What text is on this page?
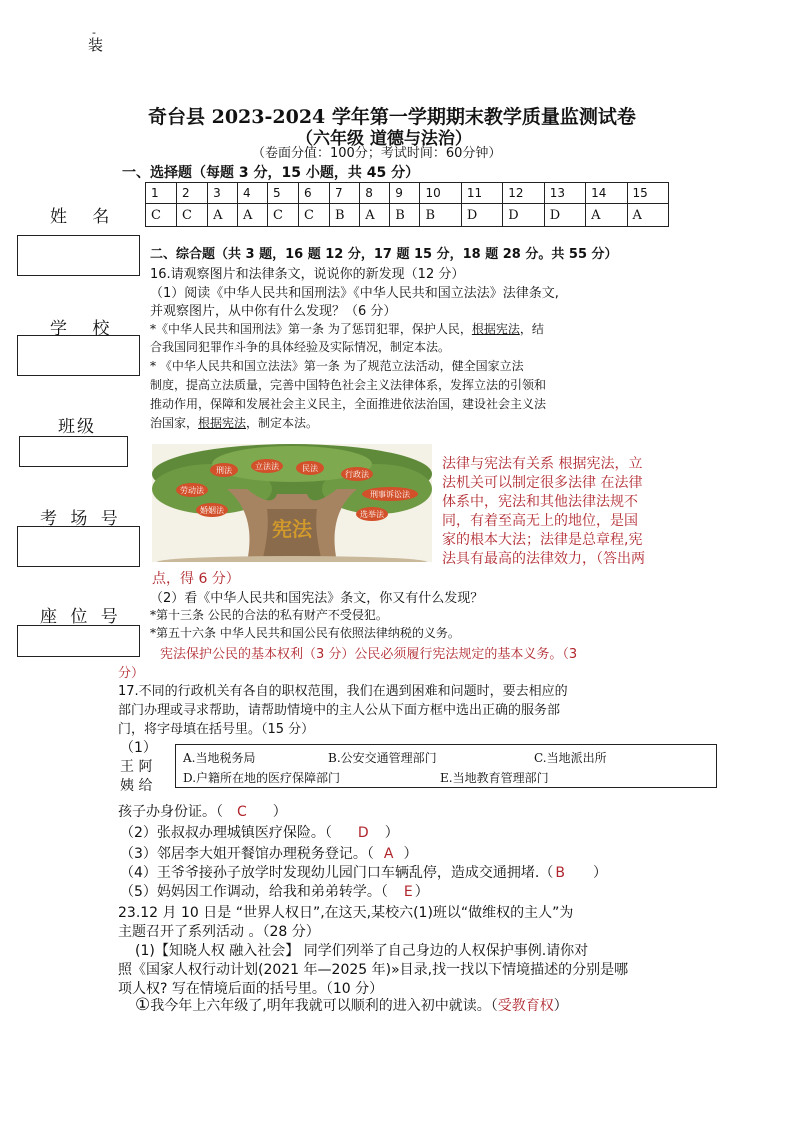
-
装
奇台县 2023-2024 学年第一学期期末教学质量监测试卷
（六年级 道德与法治）
（卷面分值：100分；考试时间：60分钟）
姓 名
学 校
班级
考 场 号
座 位 号
一、选择题（每题 3 分，15 小题，共 45 分）
1	2	3	4	5	6	7	8	9	10	11	12	13	14	15
C	C	A	A	C	C	B	A	B	B	D	D	D	A	A
二、综合题（共 3 题，16 题 12 分，17 题 15 分，18 题 28 分。共 55 分）
16.请观察图片和法律条文，说说你的新发现（12 分）
（1）阅读《中华人民共和国刑法》《中华人民共和国立法法》法律条文,
并观察图片，从中你有什么发现？（6 分）
*《中华人民共和国刑法》第一条 为了惩罚犯罪，保护人民，根据宪法，结
合我国同犯罪作斗争的具体经验及实际情况，制定本法。
* 《中华人民共和国立法法》第一条 为了规范立法活动，健全国家立法
制度，提高立法质量，完善中国特色社会主义法律体系，发挥立法的引领和
推动作用，保障和发展社会主义民主，全面推进依法治国，建设社会主义法
治国家，根据宪法，制定本法。
宪法
立法法
刑法	民法
行政法
劳动法	刑事诉讼法
婚姻法	选举法
法律与宪法有关系 根据宪法，立
法机关可以制定很多法律 在法律
体系中，宪法和其他法律法规不
同，有着至高无上的地位，是国
家的根本大法；法律是总章程,宪
法具有最高的法律效力，（答出两
点，得 6 分）
（2）看《中华人民共和国宪法》条文，你又有什么发现？
*第十三条 公民的合法的私有财产不受侵犯。
*第五十六条 中华人民共和国公民有依照法律纳税的义务。
宪法保护公民的基本权利（3 分）公民必须履行宪法规定的基本义务。（3
分）
17.不同的行政机关有各自的职权范围，我们在遇到困难和问题时，要去相应的
部门办理或寻求帮助，请帮助情境中的主人公从下面方框中选出正确的服务部
门，将字母填在括号里。（15 分）
（1）
王 阿
姨 给
A.当地税务局	B.公安交通管理部门	C.当地派出所
D.户籍所在地的医疗保障部门	E.当地教育管理部门
孩子办身份证。（ C ）
（2）张叔叔办理城镇医疗保险。（ D ）
（3）邻居李大姐开餐馆办理税务登记。（ A ）
（4）王爷爷接孙子放学时发现幼儿园门口车辆乱停，造成交通拥堵.（ B ）
（5）妈妈因工作调动，给我和弟弟转学。（ E ）
23.12 月 10 日是 “世界人权日”,在这天,某校六(1)班以“做维权的主人”为
主题召开了系列活动 。（28 分）
(1)【知晓人权 融入社会】 同学们列举了自己身边的人权保护事例.请你对
照《国家人权行动计划(2021 年—2025 年)»目录,找一找以下情境描述的分别是哪
项人权? 写在情境后面的括号里。（10 分）
①我今年上六年级了,明年我就可以顺利的进入初中就读。（受教育权）
